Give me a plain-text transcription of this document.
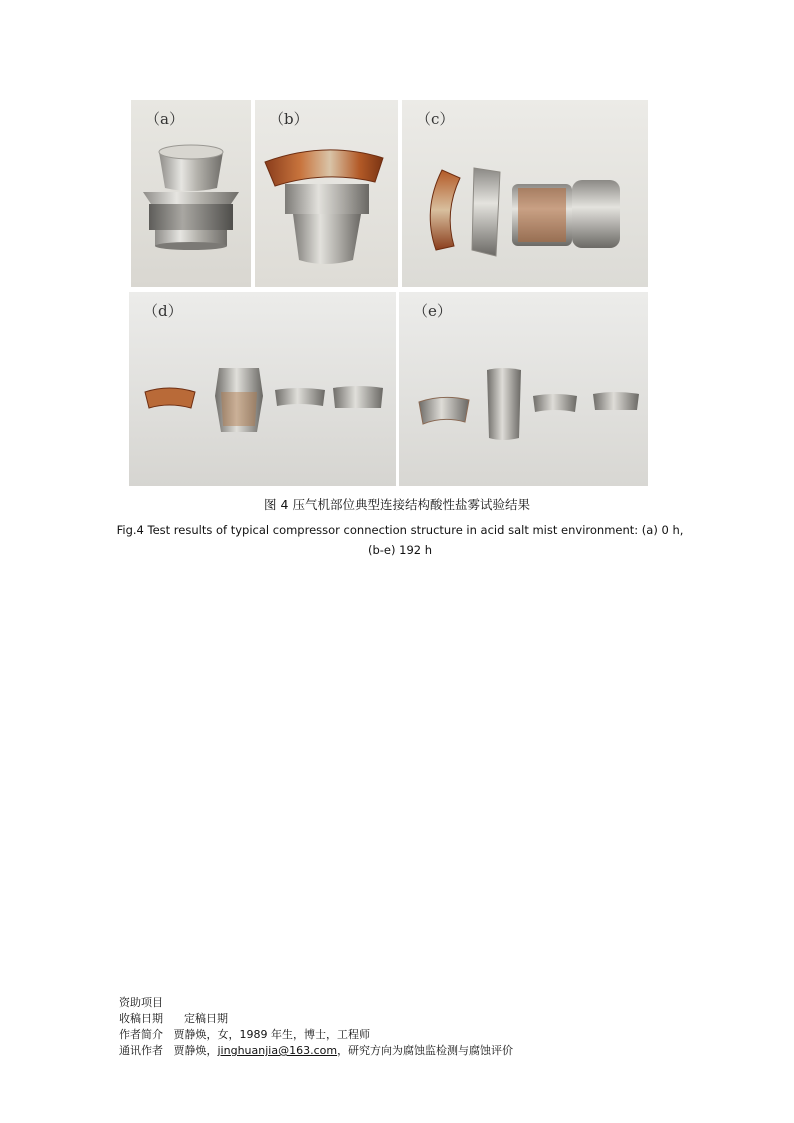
（a）	（b）	（c）
（d）	（e）
图 4 压气机部位典型连接结构酸性盐雾试验结果
Fig.4 Test results of typical compressor connection structure in acid salt mist environment: (a) 0 h,
(b-e) 192 h
资助项目
收稿日期 定稿日期
作者简介 贾静焕，女，1989 年生，博士，工程师
通讯作者 贾静焕，jinghuanjia@163.com，研究方向为腐蚀监检测与腐蚀评价
